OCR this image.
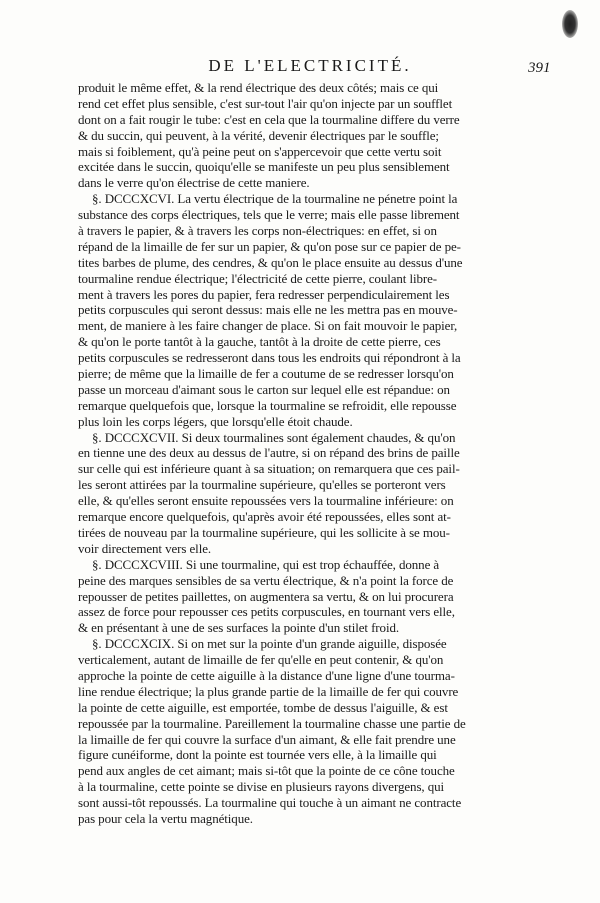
DE L'ELECTRICITÉ.	391
produit le même effet, & la rend électrique des deux côtés; mais ce qui
rend cet effet plus sensible, c'est sur-tout l'air qu'on injecte par un soufflet
dont on a fait rougir le tube: c'est en cela que la tourmaline differe du verre
& du succin, qui peuvent, à la vérité, devenir électriques par le souffle;
mais si foiblement, qu'à peine peut on s'appercevoir que cette vertu soit
excitée dans le succin, quoiqu'elle se manifeste un peu plus sensiblement
dans le verre qu'on électrise de cette maniere.
§. DCCCXCVI. La vertu électrique de la tourmaline ne pénetre point la
substance des corps électriques, tels que le verre; mais elle passe librement
à travers le papier, & à travers les corps non-électriques: en effet, si on
répand de la limaille de fer sur un papier, & qu'on pose sur ce papier de pe-
tites barbes de plume, des cendres, & qu'on le place ensuite au dessus d'une
tourmaline rendue électrique; l'électricité de cette pierre, coulant libre-
ment à travers les pores du papier, fera redresser perpendiculairement les
petits corpuscules qui seront dessus: mais elle ne les mettra pas en mouve-
ment, de maniere à les faire changer de place. Si on fait mouvoir le papier,
& qu'on le porte tantôt à la gauche, tantôt à la droite de cette pierre, ces
petits corpuscules se redresseront dans tous les endroits qui répondront à la
pierre; de même que la limaille de fer a coutume de se redresser lorsqu'on
passe un morceau d'aimant sous le carton sur lequel elle est répandue: on
remarque quelquefois que, lorsque la tourmaline se refroidit, elle repousse
plus loin les corps légers, que lorsqu'elle étoit chaude.
§. DCCCXCVII. Si deux tourmalines sont également chaudes, & qu'on
en tienne une des deux au dessus de l'autre, si on répand des brins de paille
sur celle qui est inférieure quant à sa situation; on remarquera que ces pail-
les seront attirées par la tourmaline supérieure, qu'elles se porteront vers
elle, & qu'elles seront ensuite repoussées vers la tourmaline inférieure: on
remarque encore quelquefois, qu'après avoir été repoussées, elles sont at-
tirées de nouveau par la tourmaline supérieure, qui les sollicite à se mou-
voir directement vers elle.
§. DCCCXCVIII. Si une tourmaline, qui est trop échauffée, donne à
peine des marques sensibles de sa vertu électrique, & n'a point la force de
repousser de petites paillettes, on augmentera sa vertu, & on lui procurera
assez de force pour repousser ces petits corpuscules, en tournant vers elle,
& en présentant à une de ses surfaces la pointe d'un stilet froid.
§. DCCCXCIX. Si on met sur la pointe d'un grande aiguille, disposée
verticalement, autant de limaille de fer qu'elle en peut contenir, & qu'on
approche la pointe de cette aiguille à la distance d'une ligne d'une tourma-
line rendue électrique; la plus grande partie de la limaille de fer qui couvre
la pointe de cette aiguille, est emportée, tombe de dessus l'aiguille, & est
repoussée par la tourmaline. Pareillement la tourmaline chasse une partie de
la limaille de fer qui couvre la surface d'un aimant, & elle fait prendre une
figure cunéiforme, dont la pointe est tournée vers elle, à la limaille qui
pend aux angles de cet aimant; mais si-tôt que la pointe de ce cône touche
à la tourmaline, cette pointe se divise en plusieurs rayons divergens, qui
sont aussi-tôt repoussés. La tourmaline qui touche à un aimant ne contracte
pas pour cela la vertu magnétique.
